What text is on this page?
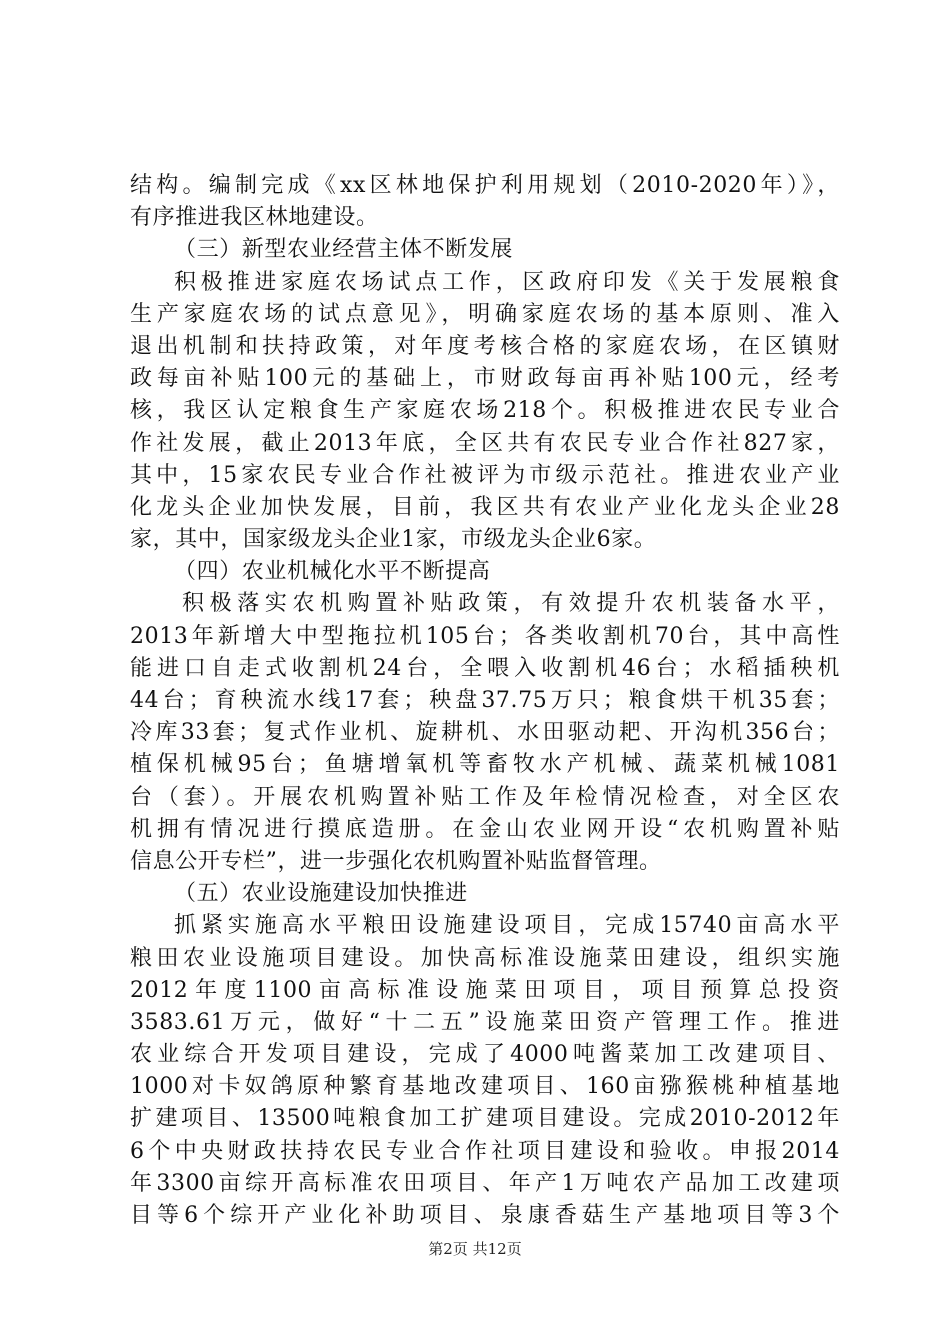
结构。编制完成《xx区林地保护利用规划（2010-2020年）》，
有序推进我区林地建设。
（三）新型农业经营主体不断发展
积极推进家庭农场试点工作，区政府印发《关于发展粮食
生产家庭农场的试点意见》，明确家庭农场的基本原则、准入
退出机制和扶持政策，对年度考核合格的家庭农场，在区镇财
政每亩补贴100元的基础上，市财政每亩再补贴100元，经考
核，我区认定粮食生产家庭农场218个。积极推进农民专业合
作社发展，截止2013年底，全区共有农民专业合作社827家，
其中，15家农民专业合作社被评为市级示范社。推进农业产业
化龙头企业加快发展，目前，我区共有农业产业化龙头企业28
家，其中，国家级龙头企业1家，市级龙头企业6家。
（四）农业机械化水平不断提高
积极落实农机购置补贴政策，有效提升农机装备水平，
2013年新增大中型拖拉机105台；各类收割机70台，其中高性
能进口自走式收割机24台，全喂入收割机46台；水稻插秧机
44台；育秧流水线17套；秧盘37.75万只；粮食烘干机35套；
冷库33套；复式作业机、旋耕机、水田驱动耙、开沟机356台；
植保机械95台；鱼塘增氧机等畜牧水产机械、蔬菜机械1081
台（套）。开展农机购置补贴工作及年检情况检查，对全区农
机拥有情况进行摸底造册。在金山农业网开设“农机购置补贴
信息公开专栏”，进一步强化农机购置补贴监督管理。
（五）农业设施建设加快推进
抓紧实施高水平粮田设施建设项目，完成15740亩高水平
粮田农业设施项目建设。加快高标准设施菜田建设，组织实施
2012年度1100亩高标准设施菜田项目，项目预算总投资
3583.61万元，做好“十二五”设施菜田资产管理工作。推进
农业综合开发项目建设，完成了4000吨酱菜加工改建项目、
1000对卡奴鸽原种繁育基地改建项目、160亩猕猴桃种植基地
扩建项目、13500吨粮食加工扩建项目建设。完成2010-2012年
6个中央财政扶持农民专业合作社项目建设和验收。申报2014
年3300亩综开高标准农田项目、年产1万吨农产品加工改建项
目等6个综开产业化补助项目、泉康香菇生产基地项目等3个
第2页 共12页
